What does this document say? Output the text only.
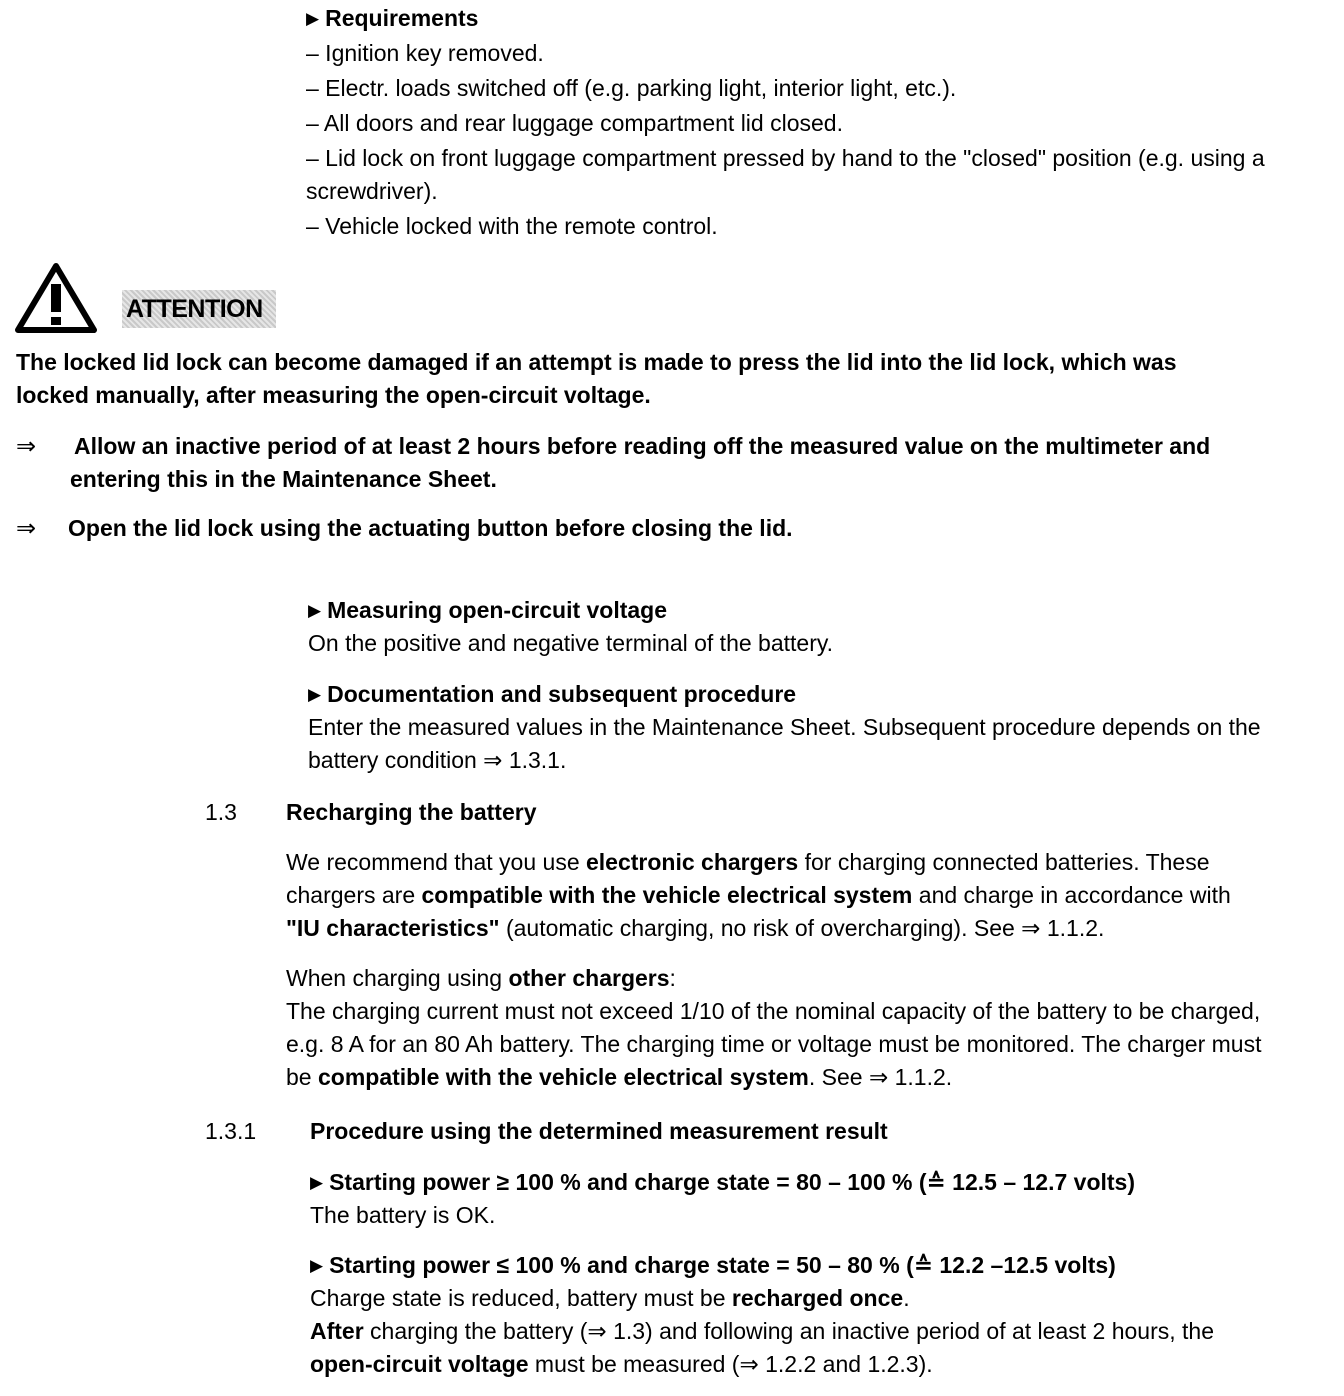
▶ Requirements
– Ignition key removed.
– Electr. loads switched off (e.g. parking light, interior light, etc.).
– All doors and rear luggage compartment lid closed.
– Lid lock on front luggage compartment pressed by hand to the "closed" position (e.g. using a
screwdriver).
– Vehicle locked with the remote control.
ATTENTION
The locked lid lock can become damaged if an attempt is made to press the lid into the lid lock, which was
locked manually, after measuring the open-circuit voltage.
⇒ Allow an inactive period of at least 2 hours before reading off the measured value on the multimeter and
entering this in the Maintenance Sheet.
⇒ Open the lid lock using the actuating button before closing the lid.
▶ Measuring open-circuit voltage
On the positive and negative terminal of the battery.
▶ Documentation and subsequent procedure
Enter the measured values in the Maintenance Sheet. Subsequent procedure depends on the
battery condition ⇒ 1.3.1.
1.3 Recharging the battery
We recommend that you use electronic chargers for charging connected batteries. These
chargers are compatible with the vehicle electrical system and charge in accordance with
"IU characteristics" (automatic charging, no risk of overcharging). See ⇒ 1.1.2.
When charging using other chargers:
The charging current must not exceed 1/10 of the nominal capacity of the battery to be charged,
e.g. 8 A for an 80 Ah battery. The charging time or voltage must be monitored. The charger must
be compatible with the vehicle electrical system. See ⇒ 1.1.2.
1.3.1 Procedure using the determined measurement result
▶ Starting power ≥ 100 % and charge state = 80 – 100 % (≙ 12.5 – 12.7 volts)
The battery is OK.
▶ Starting power ≤ 100 % and charge state = 50 – 80 % (≙ 12.2 –12.5 volts)
Charge state is reduced, battery must be recharged once.
After charging the battery (⇒ 1.3) and following an inactive period of at least 2 hours, the
open-circuit voltage must be measured (⇒ 1.2.2 and 1.2.3).
